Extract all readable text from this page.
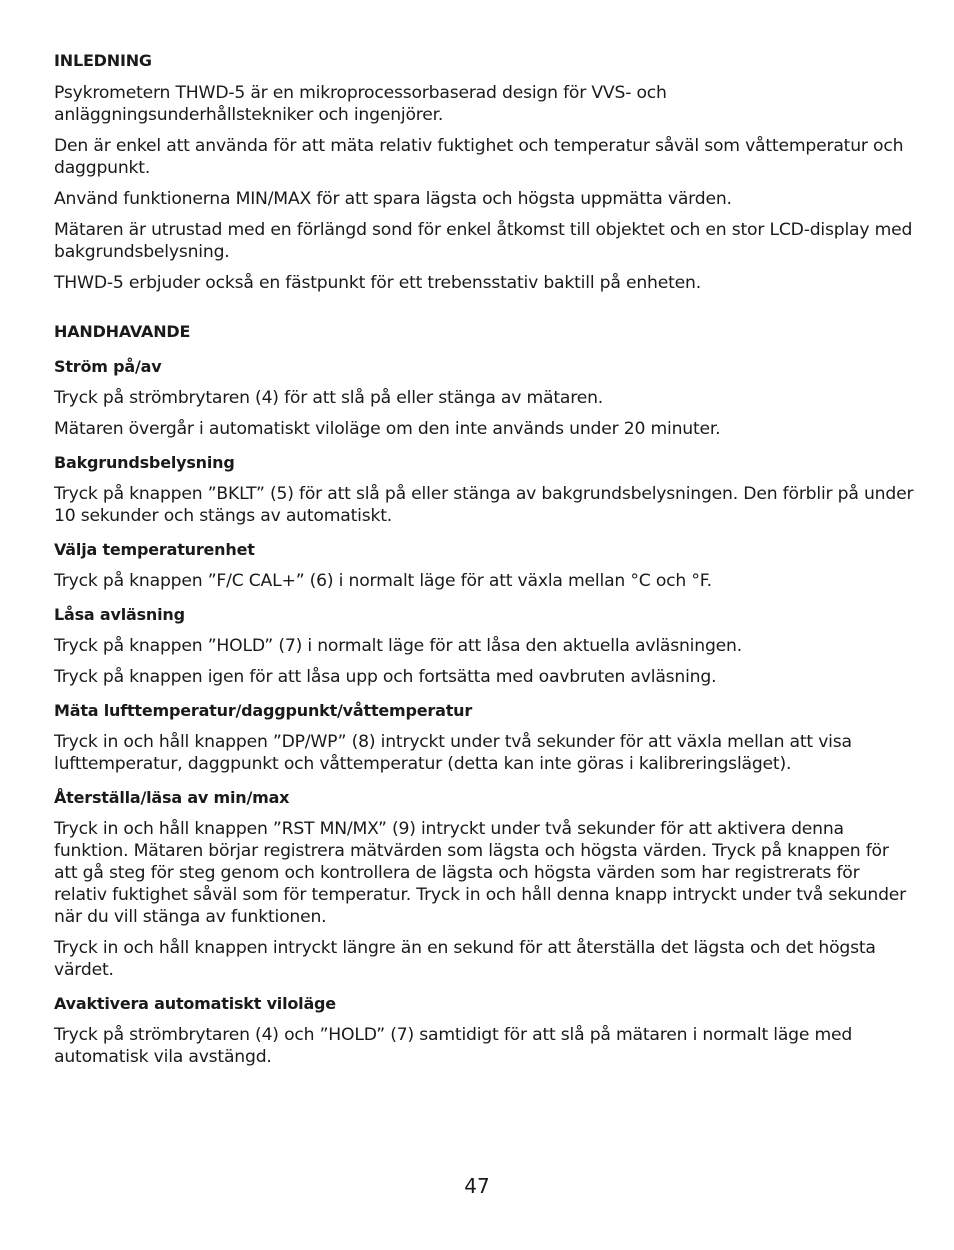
INLEDNING

Psykrometern THWD-5 är en mikroprocessorbaserad design för VVS- och anläggningsunderhållstekniker och ingenjörer.

Den är enkel att använda för att mäta relativ fuktighet och temperatur såväl som våttemperatur och daggpunkt.

Använd funktionerna MIN/MAX för att spara lägsta och högsta uppmätta värden.

Mätaren är utrustad med en förlängd sond för enkel åtkomst till objektet och en stor LCD-display med bakgrundsbelysning.

THWD-5 erbjuder också en fästpunkt för ett trebensstativ baktill på enheten.

HANDHAVANDE
Ström på/av

Tryck på strömbrytaren (4) för att slå på eller stänga av mätaren.

Mätaren övergår i automatiskt viloläge om den inte används under 20 minuter.

Bakgrundsbelysning

Tryck på knappen ”BKLT” (5) för att slå på eller stänga av bakgrundsbelysningen. Den förblir på under 10 sekunder och stängs av automatiskt.

Välja temperaturenhet

Tryck på knappen ”F/C CAL+” (6) i normalt läge för att växla mellan °C och °F.

Låsa avläsning

Tryck på knappen ”HOLD” (7) i normalt läge för att låsa den aktuella avläsningen.

Tryck på knappen igen för att låsa upp och fortsätta med oavbruten avläsning.

Mäta lufttemperatur/daggpunkt/våttemperatur

Tryck in och håll knappen ”DP/WP” (8) intryckt under två sekunder för att växla mellan att visa lufttemperatur, daggpunkt och våttemperatur (detta kan inte göras i kalibreringsläget).

Återställa/läsa av min/max

Tryck in och håll knappen ”RST MN/MX” (9) intryckt under två sekunder för att aktivera denna funktion. Mätaren börjar registrera mätvärden som lägsta och högsta värden. Tryck på knappen för att gå steg för steg genom och kontrollera de lägsta och högsta värden som har registrerats för relativ fuktighet såväl som för temperatur. Tryck in och håll denna knapp intryckt under två sekunder när du vill stänga av funktionen.

Tryck in och håll knappen intryckt längre än en sekund för att återställa det lägsta och det högsta värdet.

Avaktivera automatiskt viloläge

Tryck på strömbrytaren (4) och ”HOLD” (7) samtidigt för att slå på mätaren i normalt läge med automatisk vila avstängd.

47
